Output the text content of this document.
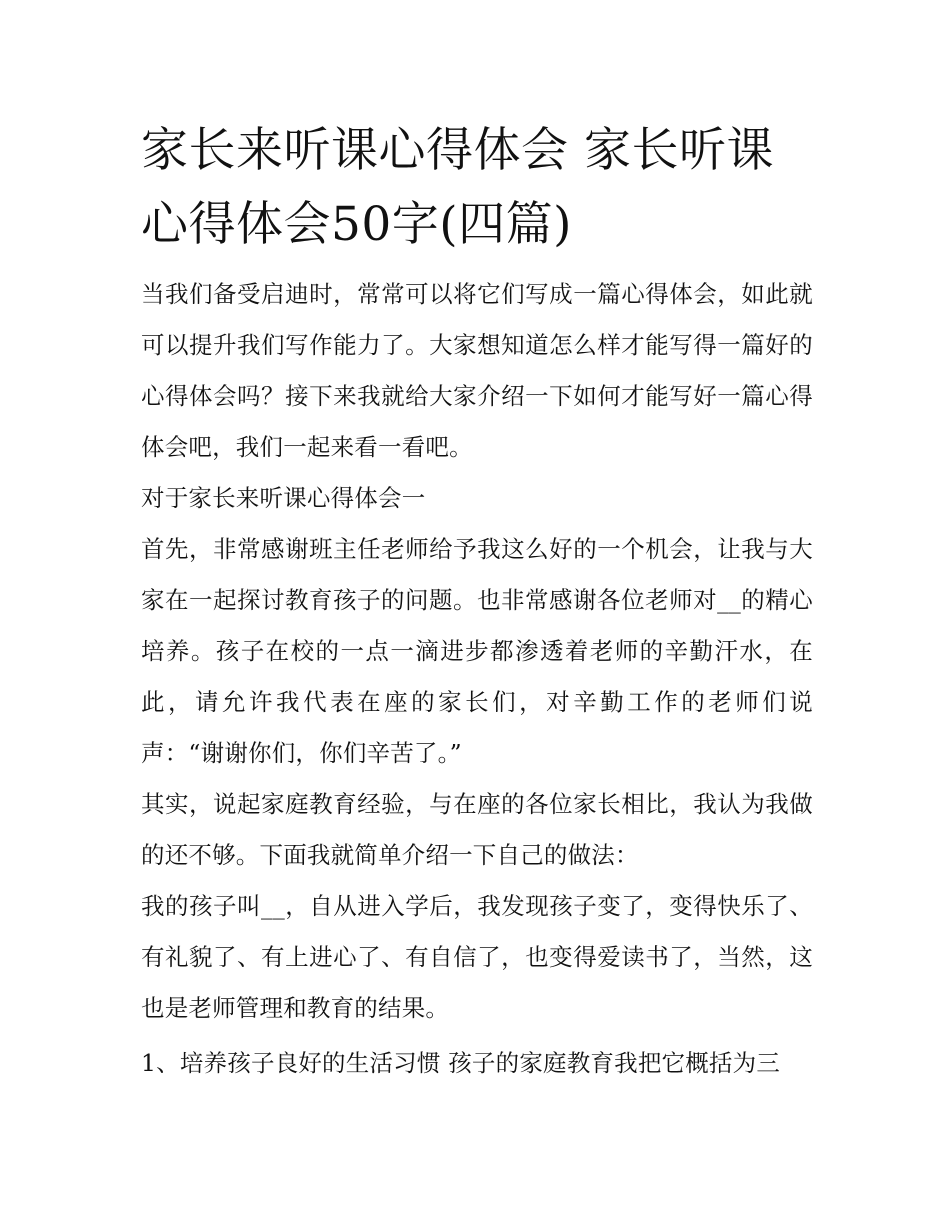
家长来听课心得体会 家长听课心得体会50字(四篇)

当我们备受启迪时，常常可以将它们写成一篇心得体会，如此就可以提升我们写作能力了。大家想知道怎么样才能写得一篇好的心得体会吗？接下来我就给大家介绍一下如何才能写好一篇心得体会吧，我们一起来看一看吧。

对于家长来听课心得体会一

首先，非常感谢班主任老师给予我这么好的一个机会，让我与大家在一起探讨教育孩子的问题。也非常感谢各位老师对__的精心培养。孩子在校的一点一滴进步都渗透着老师的辛勤汗水，在此，请允许我代表在座的家长们，对辛勤工作的老师们说声：“谢谢你们，你们辛苦了。”

其实，说起家庭教育经验，与在座的各位家长相比，我认为我做的还不够。下面我就简单介绍一下自己的做法：

我的孩子叫__，自从进入学后，我发现孩子变了，变得快乐了、有礼貌了、有上进心了、有自信了，也变得爱读书了，当然，这也是老师管理和教育的结果。

1、培养孩子良好的生活习惯 孩子的家庭教育我把它概括为三
